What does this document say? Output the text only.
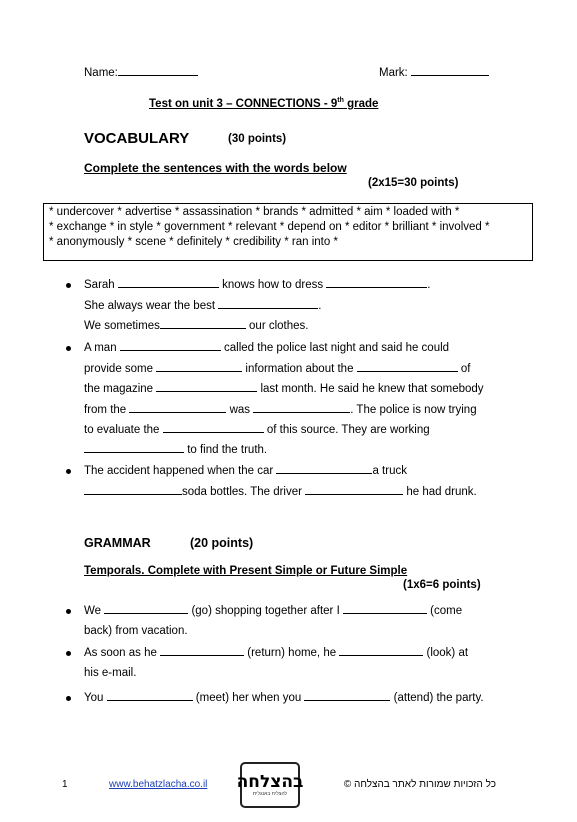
Name:	Mark:
Test on unit 3 – CONNECTIONS - 9th grade
VOCABULARY	(30 points)
Complete the sentences with the words below
(2x15=30 points)
* undercover * advertise * assassination * brands * admitted * aim * loaded with *
* exchange * in style * government * relevant * depend on * editor * brilliant * involved *
* anonymously * scene * definitely * credibility * ran into *
Sarah	knows how to dress	.
She always wear the best	.
We sometimes	our clothes.
A man	called the police last night and said he could
provide some	information about the	of
the magazine	last month. He said he knew that somebody
from the	was	. The police is now trying
to evaluate the	of this source. They are working
to find the truth.
The accident happened when the car	a truck
soda bottles. The driver	he had drunk.
GRAMMAR	(20 points)
Temporals. Complete with Present Simple or Future Simple
(1x6=6 points)
We	(go) shopping together after I	(come
back) from vacation.
As soon as he	(return) home, he	(look) at
his e-mail.
You	(meet) her when you	(attend) the party.
1	www.behatzlacha.co.il בהצלחה
להצליח באנגלית
כל הזכויות שמורות לאתר בהצלחה ©
